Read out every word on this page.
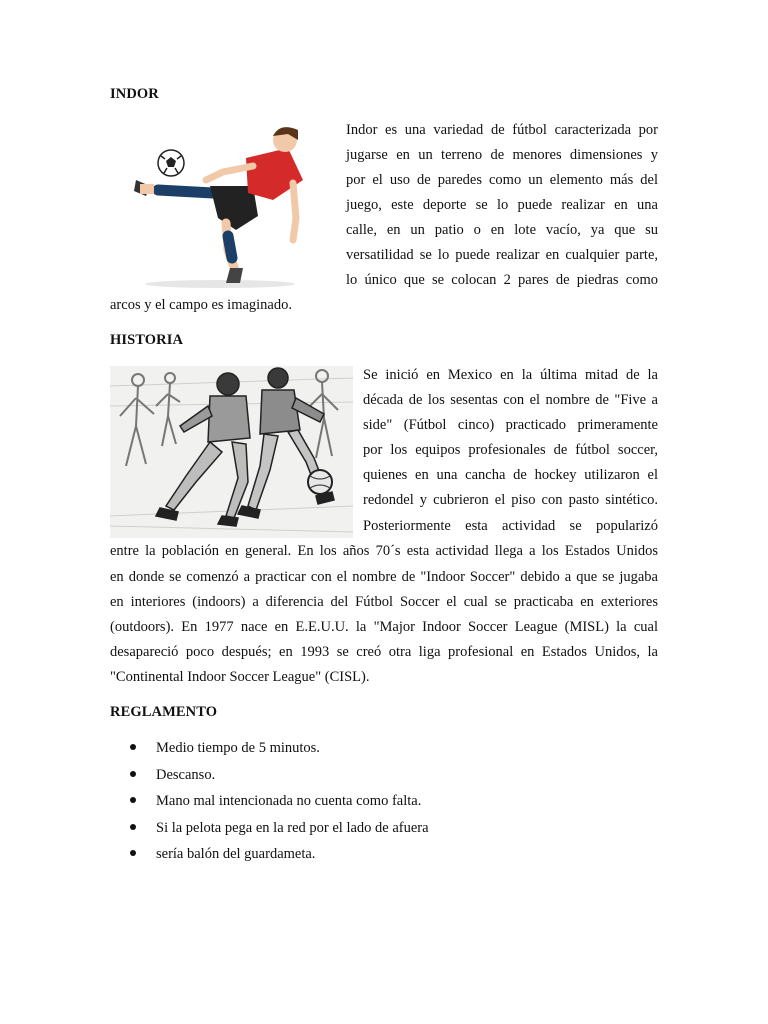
INDOR
Indor es una variedad de fútbol caracterizada por
jugarse en un terreno de menores dimensiones y
por el uso de paredes como un elemento más del
juego, este deporte se lo puede realizar en una
calle, en un patio o en lote vacío, ya que su
versatilidad se lo puede realizar en cualquier parte,
lo único que se colocan 2 pares de piedras como
arcos y el campo es imaginado.
HISTORIA
Se inició en Mexico en la última mitad de la
década de los sesentas con el nombre de "Five a
side" (Fútbol cinco) practicado primeramente
por los equipos profesionales de fútbol soccer,
quienes en una cancha de hockey utilizaron el
redondel y cubrieron el piso con pasto sintético.
Posteriormente esta actividad se popularizó
entre la población en general. En los años 70´s esta actividad llega a los Estados Unidos
en donde se comenzó a practicar con el nombre de "Indoor Soccer" debido a que se jugaba
en interiores (indoors) a diferencia del Fútbol Soccer el cual se practicaba en exteriores
(outdoors). En 1977 nace en E.E.U.U. la "Major Indoor Soccer League (MISL) la cual
desapareció poco después; en 1993 se creó otra liga profesional en Estados Unidos, la
"Continental Indoor Soccer League" (CISL).
REGLAMENTO
Medio tiempo de 5 minutos.
Descanso.
Mano mal intencionada no cuenta como falta.
Si la pelota pega en la red por el lado de afuera
sería balón del guardameta.
